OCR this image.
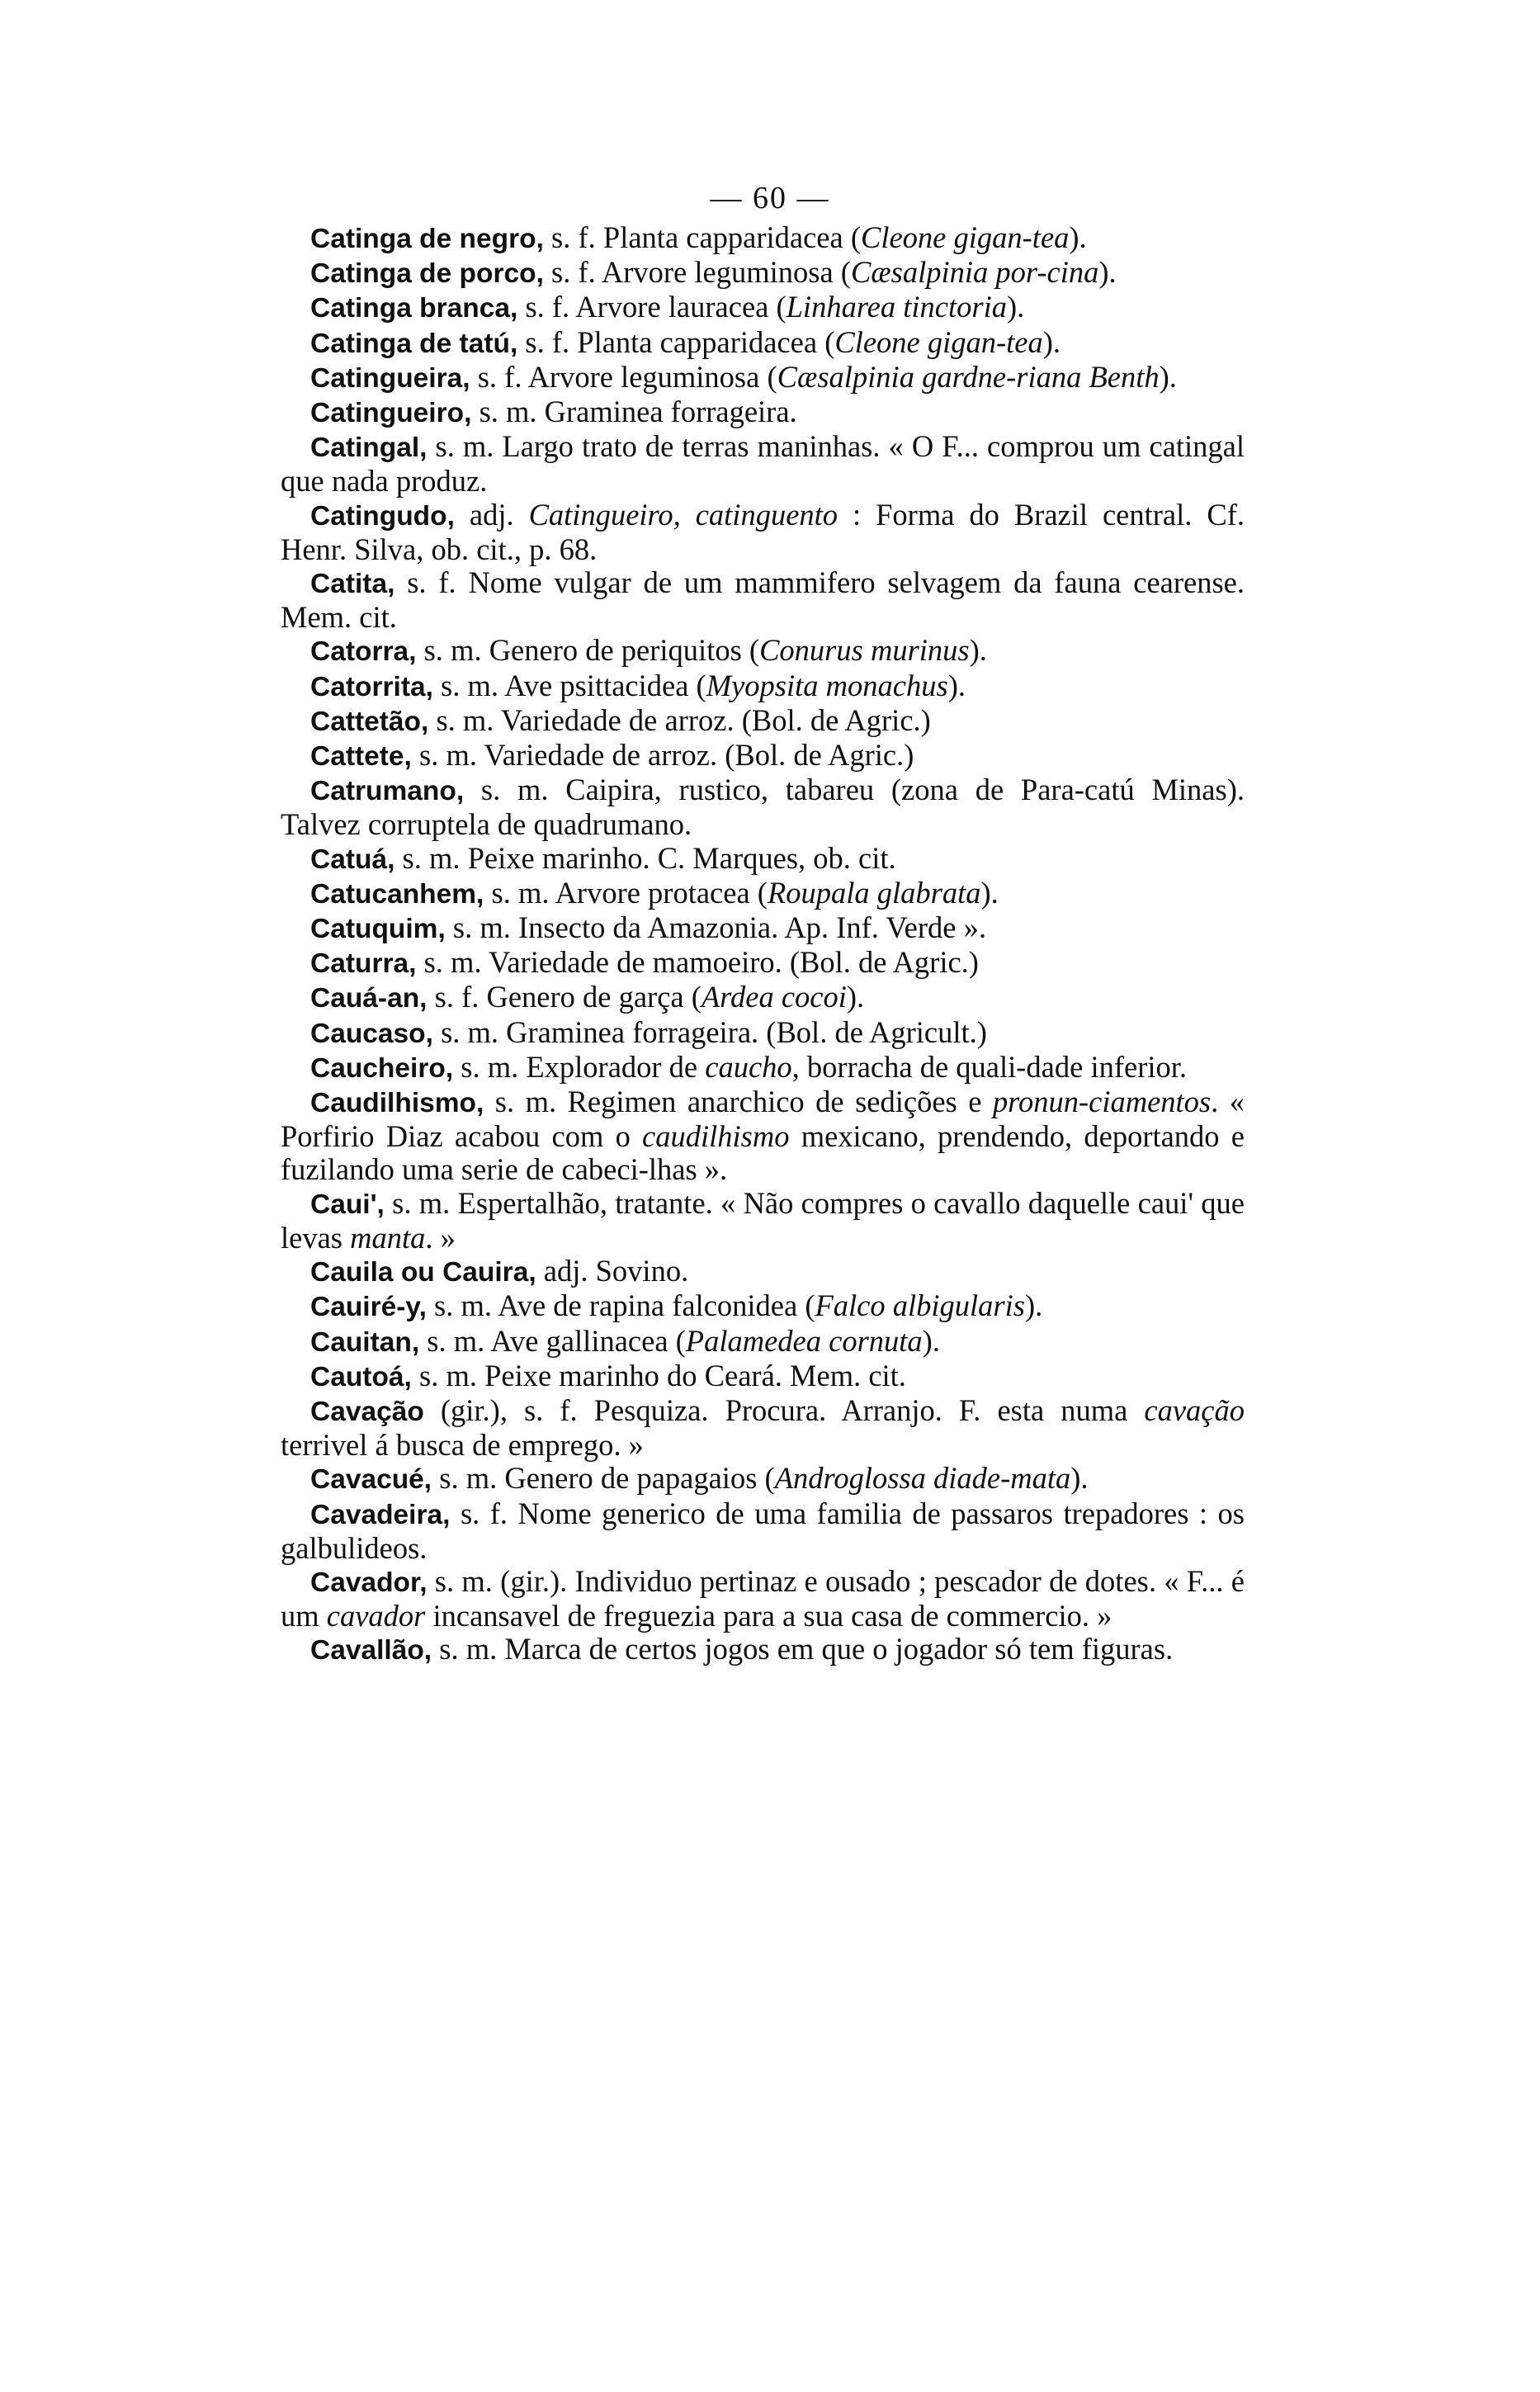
— 60 —

Catinga de negro, s. f. Planta capparidacea (Cleone gigan-tea).

Catinga de porco, s. f. Arvore leguminosa (Cæsalpinia por-cina).

Catinga branca, s. f. Arvore lauracea (Linharea tinctoria).

Catinga de tatú, s. f. Planta capparidacea (Cleone gigan-tea).

Catingueira, s. f. Arvore leguminosa (Cæsalpinia gardne-riana Benth).

Catingueiro, s. m. Graminea forrageira.

Catingal, s. m. Largo trato de terras maninhas. « O F... comprou um catingal que nada produz.

Catingudo, adj. Catingueiro, catinguento : Forma do Brazil central. Cf. Henr. Silva, ob. cit., p. 68.

Catita, s. f. Nome vulgar de um mammifero selvagem da fauna cearense. Mem. cit.

Catorra, s. m. Genero de periquitos (Conurus murinus).

Catorrita, s. m. Ave psittacidea (Myopsita monachus).

Cattetão, s. m. Variedade de arroz. (Bol. de Agric.)

Cattete, s. m. Variedade de arroz. (Bol. de Agric.)

Catrumano, s. m. Caipira, rustico, tabareu (zona de Para-catú Minas). Talvez corruptela de quadrumano.

Catuá, s. m. Peixe marinho. C. Marques, ob. cit.

Catucanhem, s. m. Arvore protacea (Roupala glabrata).

Catuquim, s. m. Insecto da Amazonia. Ap. Inf. Verde ».

Caturra, s. m. Variedade de mamoeiro. (Bol. de Agric.)

Cauá-an, s. f. Genero de garça (Ardea cocoi).

Caucaso, s. m. Graminea forrageira. (Bol. de Agricult.)

Caucheiro, s. m. Explorador de caucho, borracha de quali-dade inferior.

Caudilhismo, s. m. Regimen anarchico de sedições e pronun-ciamentos. « Porfirio Diaz acabou com o caudilhismo mexicano, prendendo, deportando e fuzilando uma serie de cabeci-lhas ».

Caui', s. m. Espertalhão, tratante. « Não compres o cavallo daquelle caui' que levas manta. »

Cauila ou Cauira, adj. Sovino.

Cauiré-y, s. m. Ave de rapina falconidea (Falco albigularis).

Cauitan, s. m. Ave gallinacea (Palamedea cornuta).

Cautoá, s. m. Peixe marinho do Ceará. Mem. cit.

Cavação (gir.), s. f. Pesquiza. Procura. Arranjo. F. esta numa cavação terrivel á busca de emprego. »

Cavacué, s. m. Genero de papagaios (Androglossa diade-mata).

Cavadeira, s. f. Nome generico de uma familia de passaros trepadores : os galbulideos.

Cavador, s. m. (gir.). Individuo pertinaz e ousado ; pescador de dotes. « F... é um cavador incansavel de freguezia para a sua casa de commercio. »

Cavallão, s. m. Marca de certos jogos em que o jogador só tem figuras.
